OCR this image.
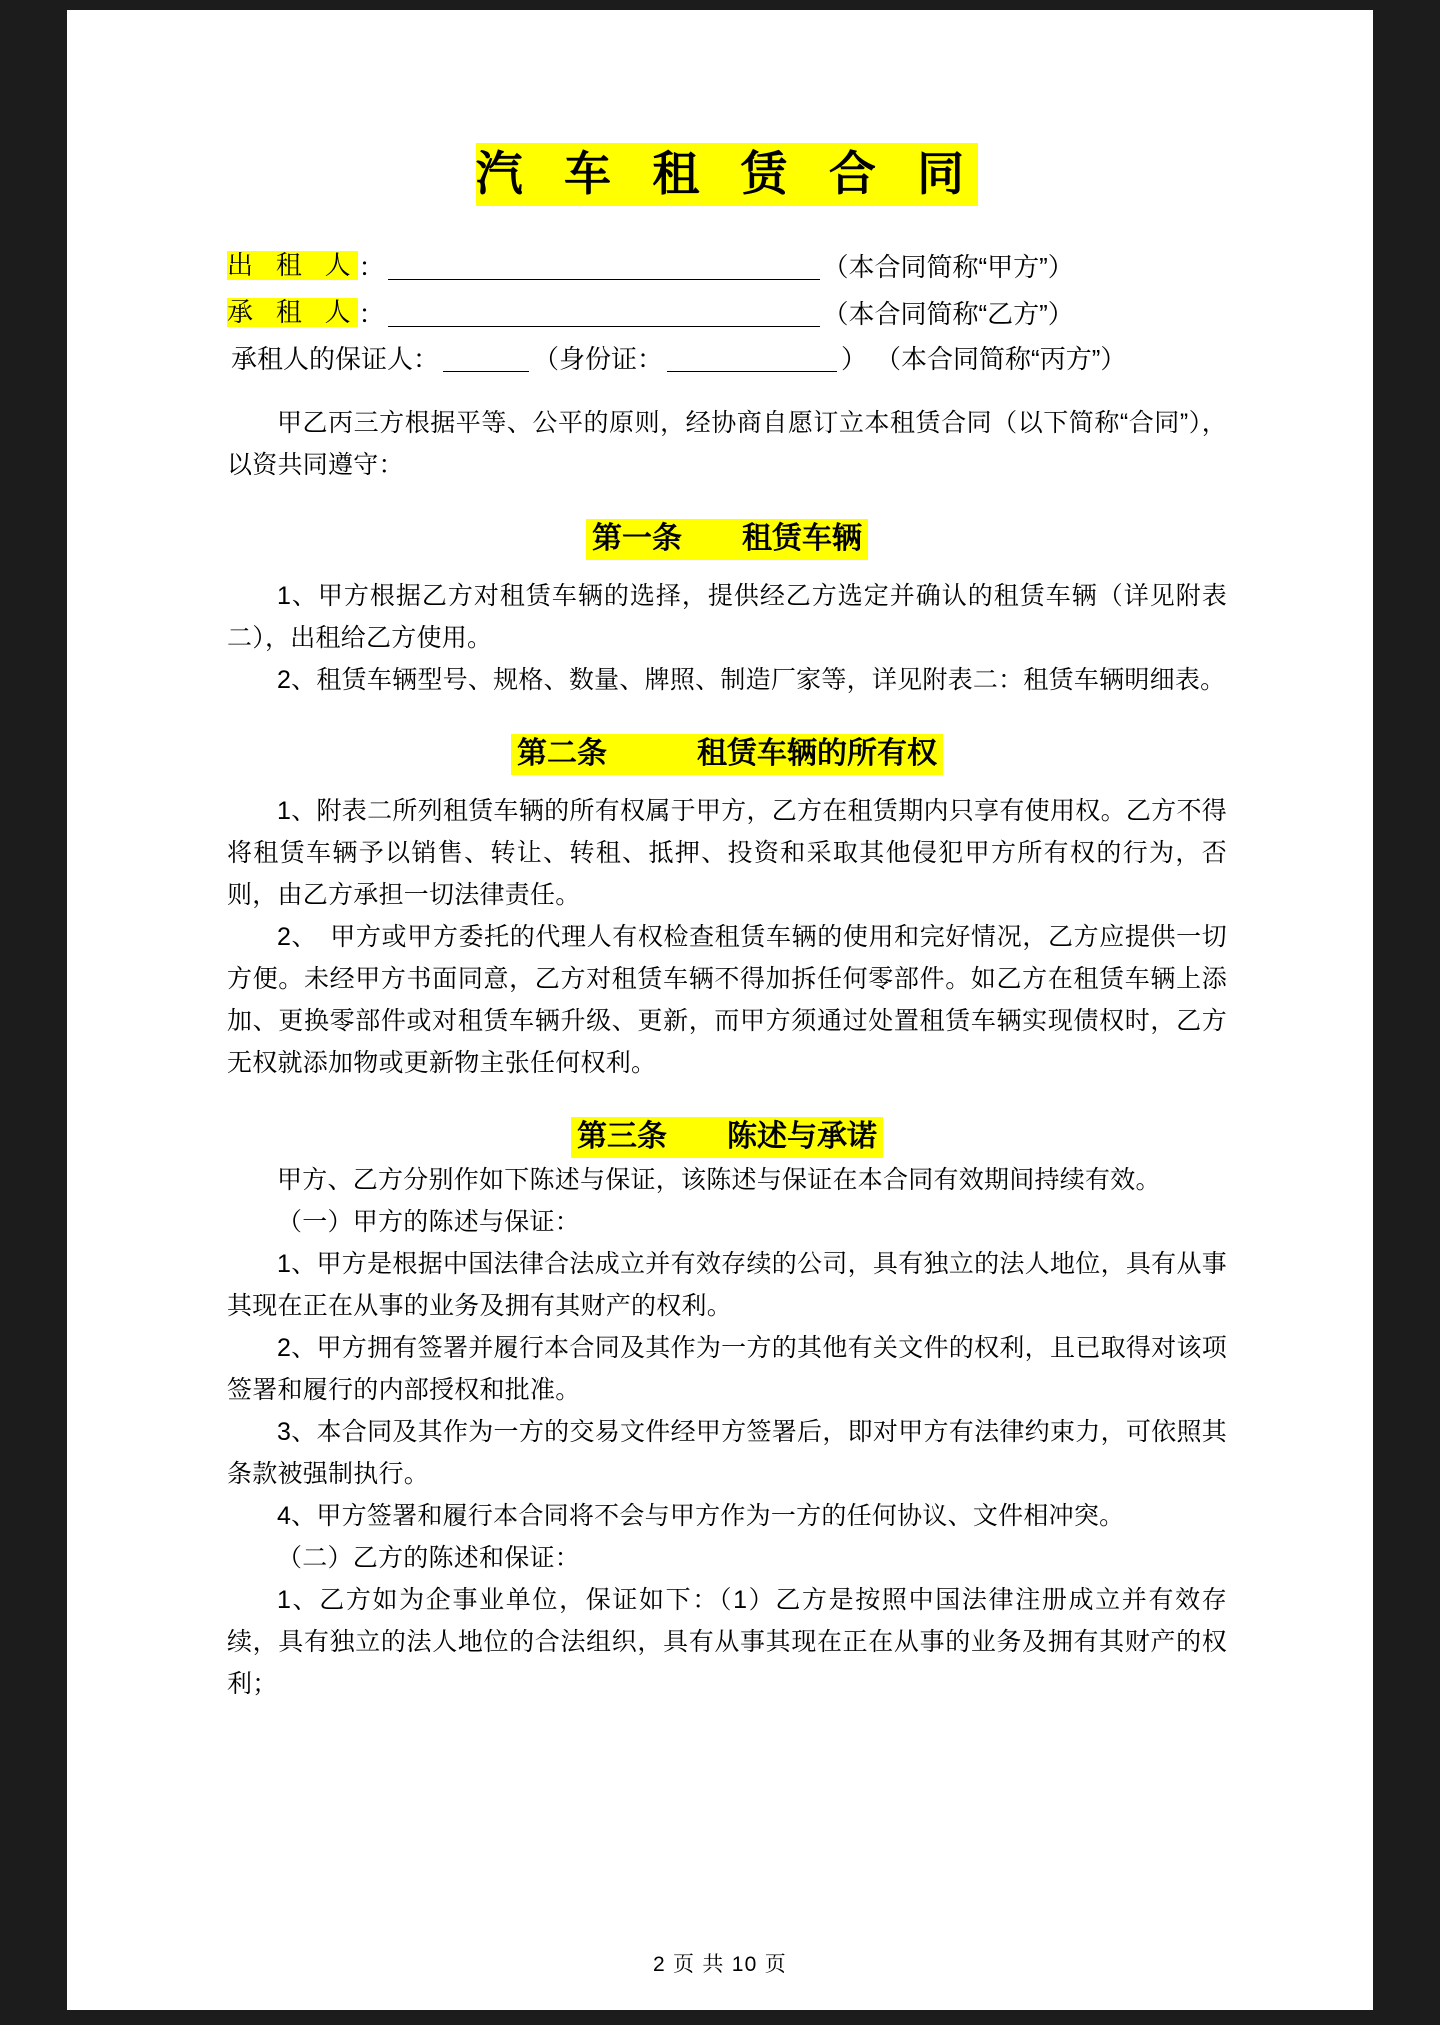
汽 车 租 赁 合 同
出 租 人 ：	（本合同简称“甲方”）
承 租 人 ：	（本合同简称“乙方”）
承租人的保证人：	（身份证：	） （本合同简称“丙方”）

甲乙丙三方根据平等、公平的原则，经协商自愿订立本租赁合同（以下简称“合同”），以资共同遵守：

第一条　　租赁车辆

1、甲方根据乙方对租赁车辆的选择，提供经乙方选定并确认的租赁车辆（详见附表二），出租给乙方使用。

2、租赁车辆型号、规格、数量、牌照、制造厂家等，详见附表二：租赁车辆明细表。

第二条　　　租赁车辆的所有权

1、附表二所列租赁车辆的所有权属于甲方，乙方在租赁期内只享有使用权。乙方不得将租赁车辆予以销售、转让、转租、抵押、投资和采取其他侵犯甲方所有权的行为，否则，由乙方承担一切法律责任。

2、　甲方或甲方委托的代理人有权检查租赁车辆的使用和完好情况，乙方应提供一切方便。未经甲方书面同意，乙方对租赁车辆不得加拆任何零部件。如乙方在租赁车辆上添加、更换零部件或对租赁车辆升级、更新，而甲方须通过处置租赁车辆实现债权时，乙方无权就添加物或更新物主张任何权利。

第三条　　陈述与承诺

甲方、乙方分别作如下陈述与保证，该陈述与保证在本合同有效期间持续有效。

（一）甲方的陈述与保证：

1、甲方是根据中国法律合法成立并有效存续的公司，具有独立的法人地位，具有从事其现在正在从事的业务及拥有其财产的权利。

2、甲方拥有签署并履行本合同及其作为一方的其他有关文件的权利，且已取得对该项签署和履行的内部授权和批准。

3、本合同及其作为一方的交易文件经甲方签署后，即对甲方有法律约束力，可依照其条款被强制执行。

4、甲方签署和履行本合同将不会与甲方作为一方的任何协议、文件相冲突。

（二）乙方的陈述和保证：

1、乙方如为企事业单位，保证如下：（1）乙方是按照中国法律注册成立并有效存续，具有独立的法人地位的合法组织，具有从事其现在正在从事的业务及拥有其财产的权利；

2 页 共 10 页
